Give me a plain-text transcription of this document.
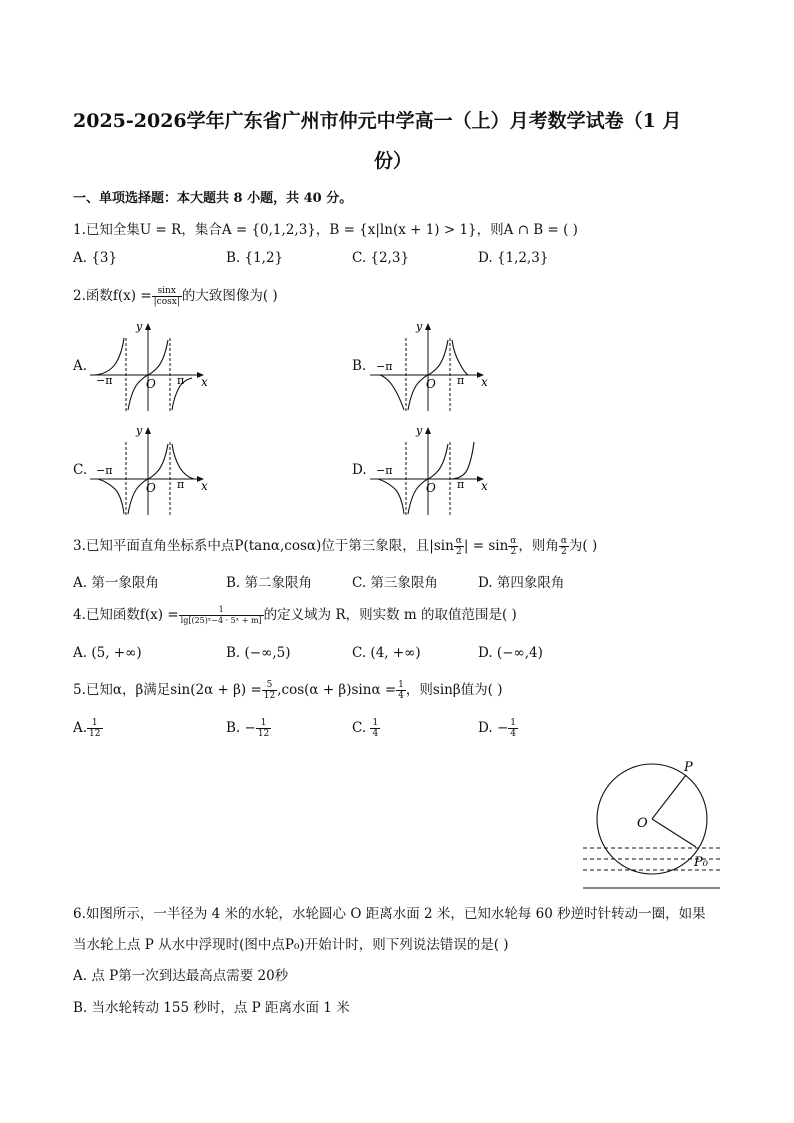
2025-2026学年广东省广州市仲元中学高一（上）月考数学试卷（1 月
份）
一、单项选择题：本大题共 8 小题，共 40 分。
1.已知全集U = R，集合A = {0,1,2,3}，B = {x|ln(x + 1) > 1}，则A ∩ B = ( )
A. {3}	B. {1,2}	C. {2,3}	D. {1,2,3}
2.函数$f(x) = \frac{\sin x}{|\cos x|}$ 的大致图像为( )
A.	B.
C.	D.
x
y
O
−π	π	x
y
O
−π
π
x
y
O
−π
π	x
y
O
−π
π
3.已知平面直角坐标系中点P(tanα,cosα)位于第三象限，且$|\sin \frac{\alpha}{2}$ | = $\sin \frac{\alpha}{2}$ ，则角 $\frac{\alpha}{2}$ 为( )
A. 第一象限角	B. 第二象限角	C. 第三象限角	D. 第四象限角
4.已知函数$f(x) = \frac{1}{\text{lg[(25)ˣ−4 · 5ˣ + m]}}$ 的定义域为 R，则实数 m 的取值范围是( )
A. (5, +∞)	B. (−∞,5)	C. (4, +∞)	D. (−∞,4)
5.已知α，β满足$\sin(2\alpha + \beta) = \frac{5}{12} ,\cos(\alpha + \beta)\sin\alpha = \frac{1}{4}$ ，则sinβ值为( )
A. $\frac{1}{12}$	B. − $\frac{1}{12}$	C. $\frac{1}{4}$	D. − $\frac{1}{4}$
P
O
P₀
6.如图所示，一半径为 4 米的水轮，水轮圆心 O 距离水面 2 米，已知水轮每 60 秒逆时针转动一圈，如果
当水轮上点 P 从水中浮现时(图中点P₀)开始计时，则下列说法错误的是( )
A. 点 P第一次到达最高点需要 20秒
B. 当水轮转动 155 秒时，点 P 距离水面 1 米
